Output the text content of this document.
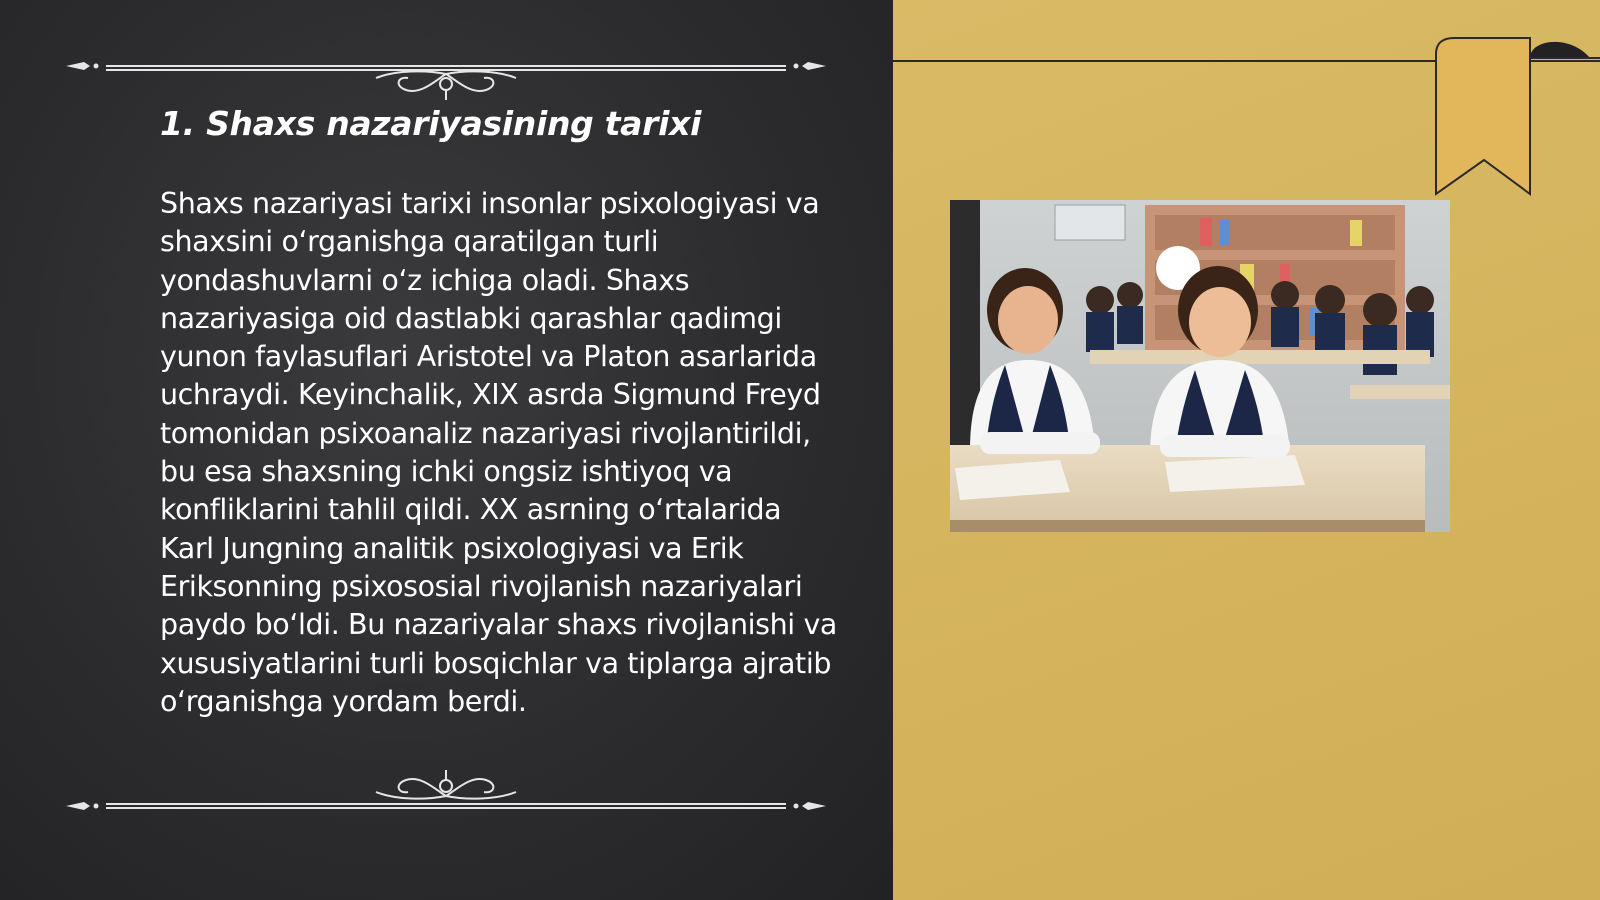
1. Shaxs nazariyasining tarixi

Shaxs nazariyasi tarixi insonlar psixologiyasi va shaxsini oʻrganishga qaratilgan turli yondashuvlarni oʻz ichiga oladi. Shaxs nazariyasiga oid dastlabki qarashlar qadimgi yunon faylasuflari Aristotel va Platon asarlarida uchraydi. Keyinchalik, XIX asrda Sigmund Freyd tomonidan psixoanaliz nazariyasi rivojlantirildi, bu esa shaxsning ichki ongsiz ishtiyoq va konfliklarini tahlil qildi. XX asrning oʻrtalarida Karl Jungning analitik psixologiyasi va Erik Eriksonning psixososial rivojlanish nazariyalari paydo boʻldi. Bu nazariyalar shaxs rivojlanishi va xususiyatlarini turli bosqichlar va tiplarga ajratib oʻrganishga yordam berdi.
